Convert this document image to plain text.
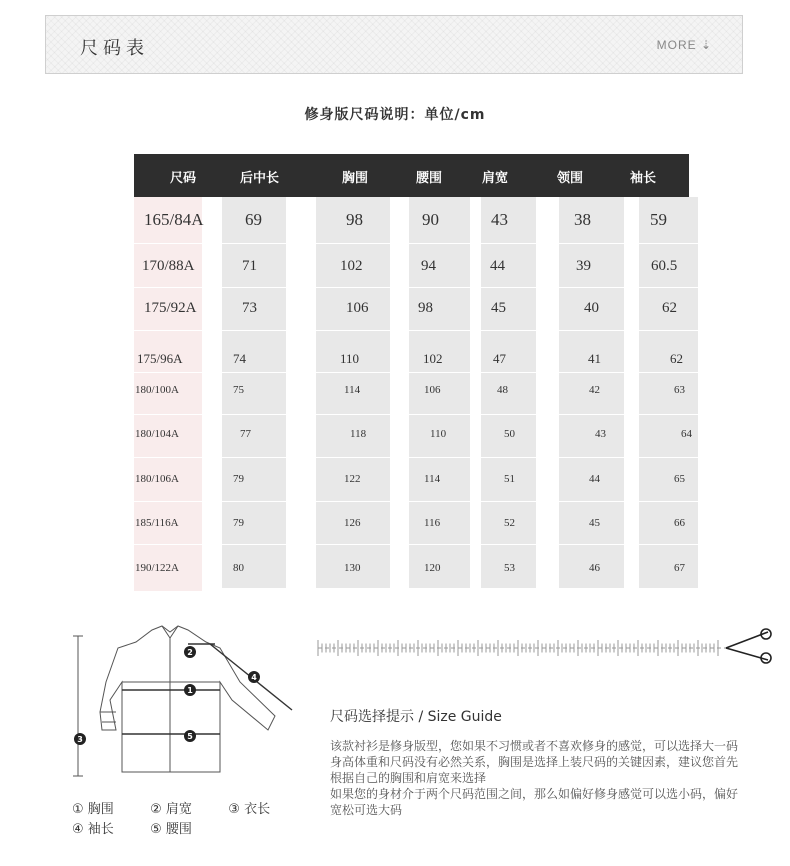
尺码表	MORE ⇣
修身版尺码说明：单位/cm
尺码	后中长	胸围	腰围	肩宽	领围	袖长
165/84A 69	98	90	43	38	59
170/88A	71	102	94	44	39	60.5
175/92A	73	106	98	45	40	62
175/96A	74	110	102	47	41	62
180/100A	75	114	106	48	42	63
180/104A	77	118	110	50	43	64
180/106A	79	122	114	51	44	65
185/116A	79	126	116	52	45	66
190/122A	80	130	120	53	46	67
1
2
3
4
5
① 胸围	② 肩宽	③ 衣长
④ 袖长	⑤ 腰围
尺码选择提示 / Size Guide
该款衬衫是修身版型，您如果不习惯或者不喜欢修身的感觉，可以选择大一码
身高体重和尺码没有必然关系，胸围是选择上装尺码的关键因素，建议您首先
根据自己的胸围和肩宽来选择
如果您的身材介于两个尺码范围之间，那么如偏好修身感觉可以选小码，偏好
宽松可选大码
